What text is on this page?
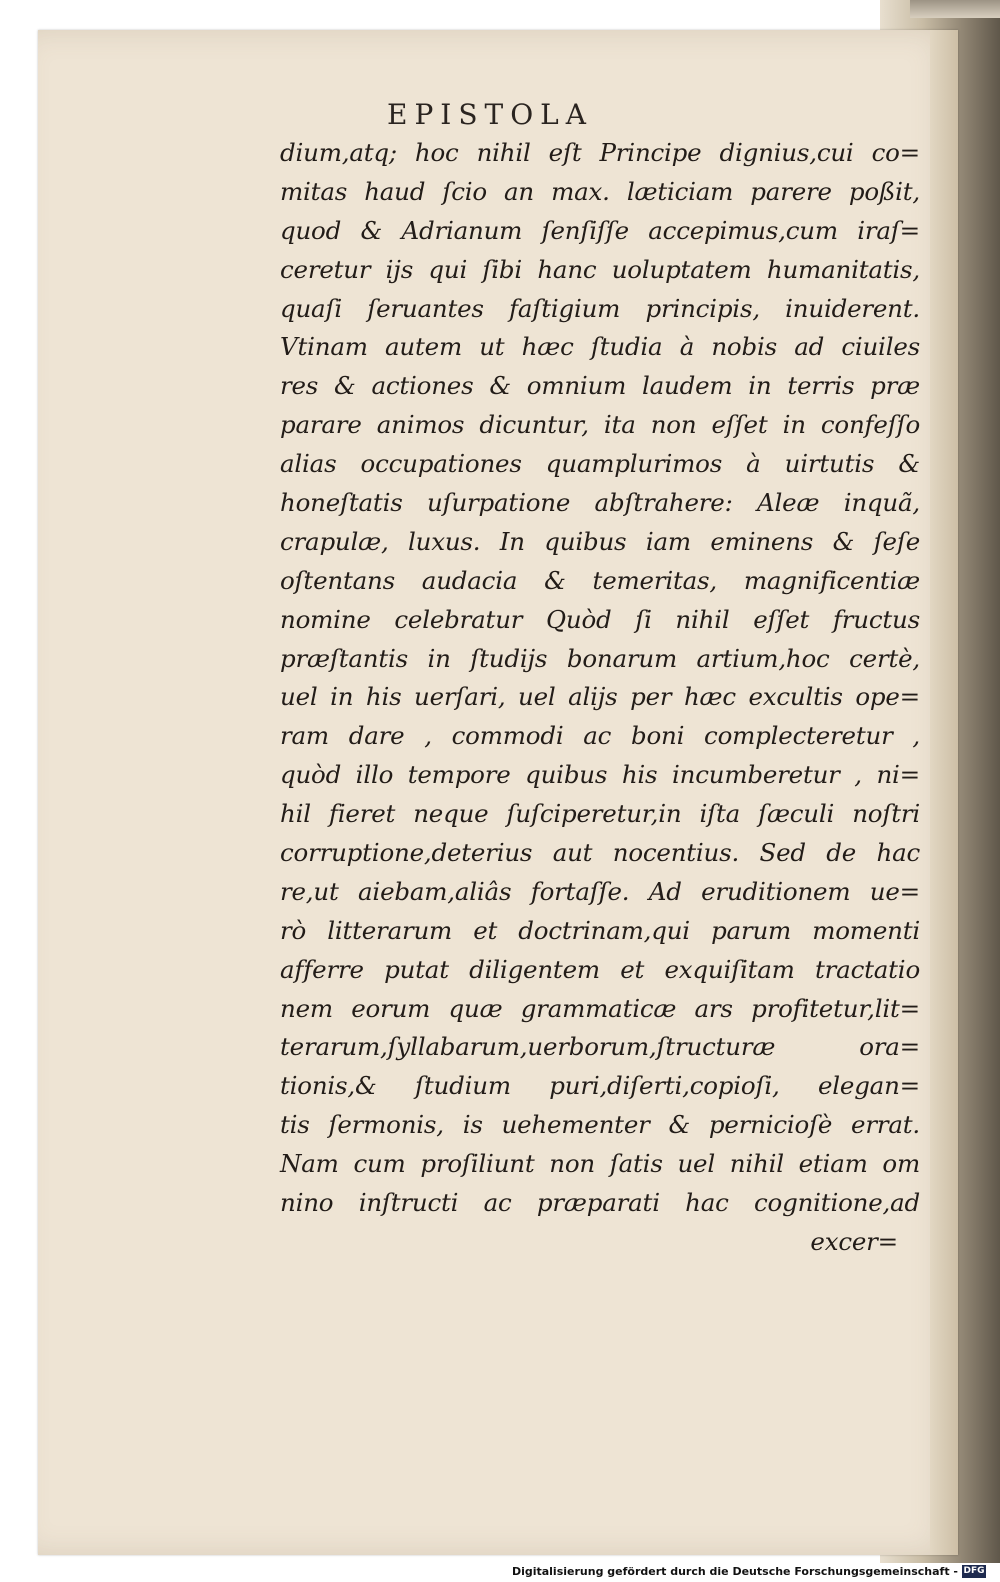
EPISTOLA
dium,atq; hoc nihil eſt Principe dignius,cui co=
mitas haud ſcio an max. læticiam parere poßit,
quod & Adrianum ſenſiſſe accepimus,cum iraſ=
ceretur ijs qui ſibi hanc uoluptatem humanitatis,
quaſi ſeruantes faſtigium principis, inuiderent.
Vtinam autem ut hæc ſtudia à nobis ad ciuiles
res & actiones & omnium laudem in terris præ
parare animos dicuntur, ita non eſſet in confeſſo
alias occupationes quamplurimos à uirtutis &
honeſtatis uſurpatione abſtrahere: Aleæ inquã,
crapulæ, luxus. In quibus iam eminens & ſeſe
oſtentans audacia & temeritas, magnificentiæ
nomine celebratur Quòd ſi nihil eſſet fructus
præſtantis in ſtudijs bonarum artium,hoc certè,
uel in his uerſari, uel alijs per hæc excultis ope=
ram dare , commodi ac boni complecteretur ,
quòd illo tempore quibus his incumberetur , ni=
hil fieret neque ſuſciperetur,in iſta ſæculi noſtri
corruptione,deterius aut nocentius. Sed de hac
re,ut aiebam,aliâs fortaſſe. Ad eruditionem ue=
rò litterarum et doctrinam,qui parum momenti
afferre putat diligentem et exquiſitam tractatio
nem eorum quæ grammaticæ ars profitetur,lit=
terarum,ſyllabarum,uerborum,ſtructuræ ora=
tionis,& ſtudium puri,diſerti,copioſi, elegan=
tis ſermonis, is uehementer & pernicioſè errat.
Nam cum proſiliunt non ſatis uel nihil etiam om
nino inſtructi ac præparati hac cognitione,ad
excer=
Digitalisierung gefördert durch die Deutsche Forschungsgemeinschaft - DFG
